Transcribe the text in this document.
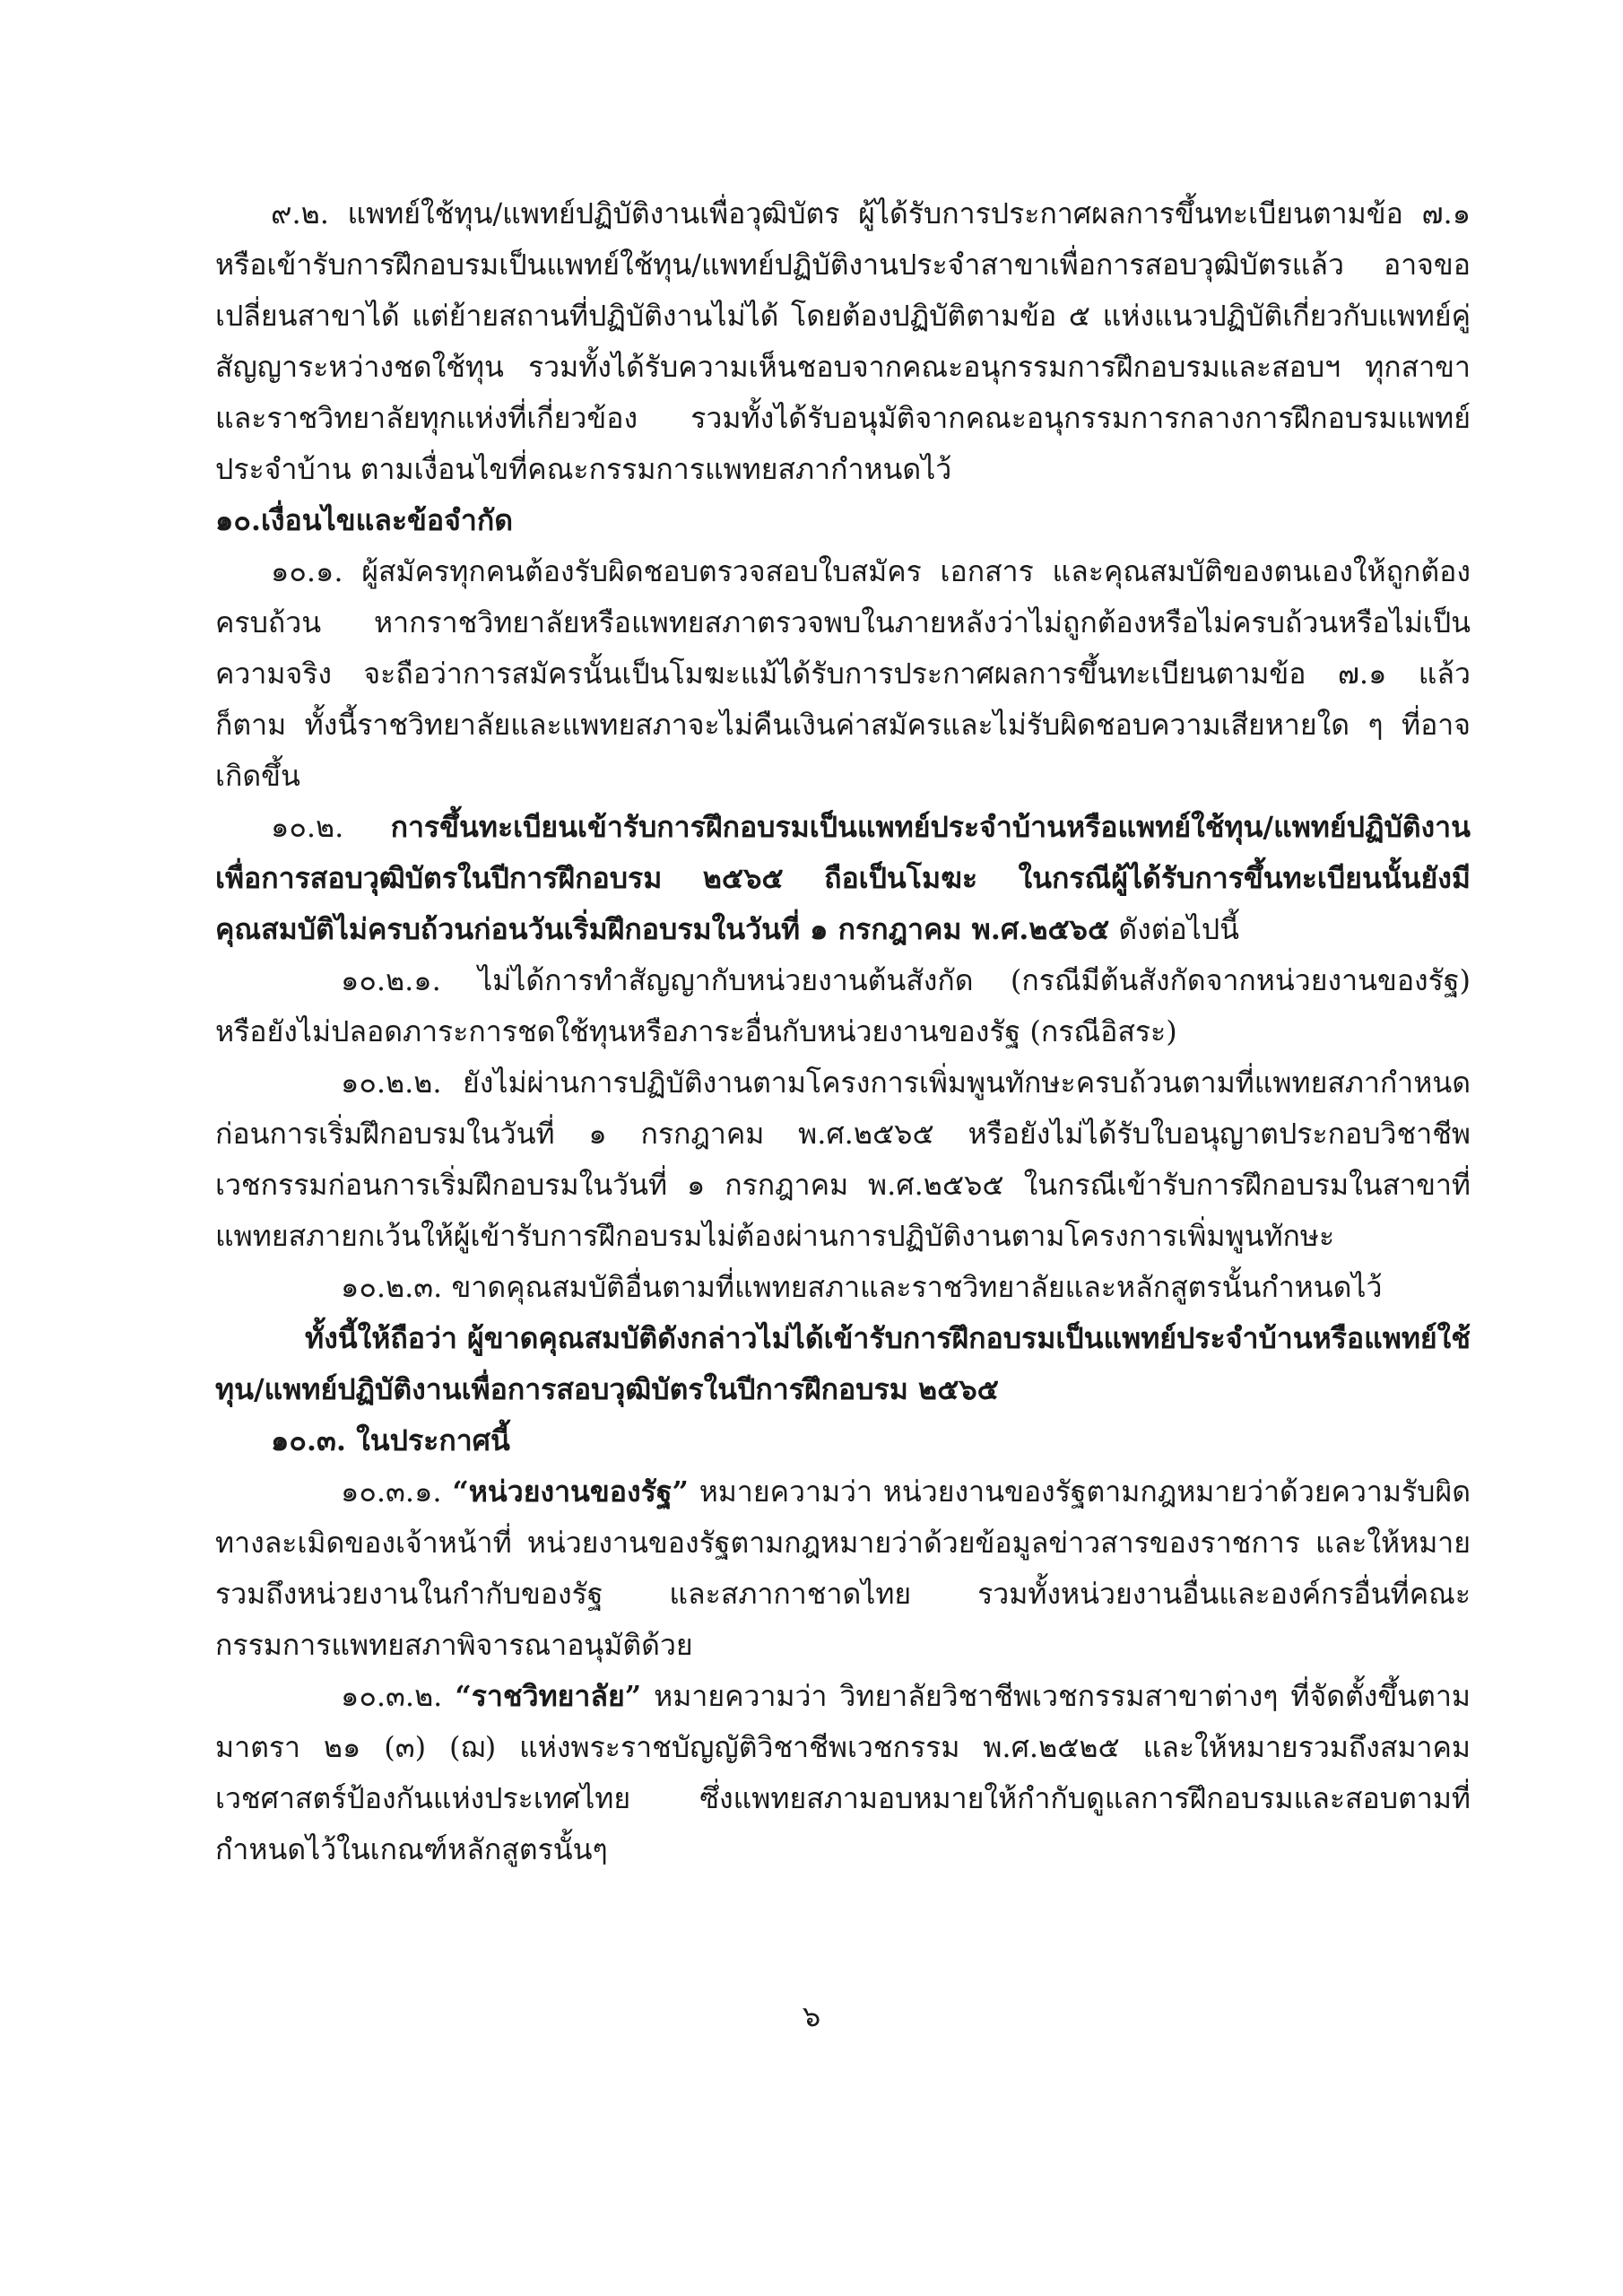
๙.๒. แพทย์ใช้ทุน/แพทย์ปฏิบัติงานเพื่อวุฒิบัตร ผู้ได้รับการประกาศผลการขึ้นทะเบียนตามข้อ ๗.๑ หรือเข้ารับการฝึกอบรมเป็นแพทย์ใช้ทุน/แพทย์ปฏิบัติงานประจำสาขาเพื่อการสอบวุฒิบัตรแล้ว อาจขอเปลี่ยนสาขาได้ แต่ย้ายสถานที่ปฏิบัติงานไม่ได้ โดยต้องปฏิบัติตามข้อ ๕ แห่งแนวปฏิบัติเกี่ยวกับแพทย์คู่สัญญาระหว่างชดใช้ทุน รวมทั้งได้รับความเห็นชอบจากคณะอนุกรรมการฝึกอบรมและสอบฯ ทุกสาขา และราชวิทยาลัยทุกแห่งที่เกี่ยวข้อง รวมทั้งได้รับอนุมัติจากคณะอนุกรรมการกลางการฝึกอบรมแพทย์ประจำบ้าน ตามเงื่อนไขที่คณะกรรมการแพทยสภากำหนดไว้

๑๐.เงื่อนไขและข้อจำกัด

๑๐.๑. ผู้สมัครทุกคนต้องรับผิดชอบตรวจสอบใบสมัคร เอกสาร และคุณสมบัติของตนเองให้ถูกต้อง ครบถ้วน หากราชวิทยาลัยหรือแพทยสภาตรวจพบในภายหลังว่าไม่ถูกต้องหรือไม่ครบถ้วนหรือไม่เป็นความจริง จะถือว่าการสมัครนั้นเป็นโมฆะแม้ได้รับการประกาศผลการขึ้นทะเบียนตามข้อ ๗.๑ แล้วก็ตาม ทั้งนี้ราชวิทยาลัยและแพทยสภาจะไม่คืนเงินค่าสมัครและไม่รับผิดชอบความเสียหายใด ๆ ที่อาจเกิดขึ้น

๑๐.๒. การขึ้นทะเบียนเข้ารับการฝึกอบรมเป็นแพทย์ประจำบ้านหรือแพทย์ใช้ทุน/แพทย์ปฏิบัติงานเพื่อการสอบวุฒิบัตรในปีการฝึกอบรม ๒๕๖๕ ถือเป็นโมฆะ ในกรณีผู้ได้รับการขึ้นทะเบียนนั้นยังมีคุณสมบัติไม่ครบถ้วนก่อนวันเริ่มฝึกอบรมในวันที่ ๑ กรกฎาคม พ.ศ.๒๕๖๕ ดังต่อไปนี้

๑๐.๒.๑. ไม่ได้การทำสัญญากับหน่วยงานต้นสังกัด (กรณีมีต้นสังกัดจากหน่วยงานของรัฐ) หรือยังไม่ปลอดภาระการชดใช้ทุนหรือภาระอื่นกับหน่วยงานของรัฐ (กรณีอิสระ)

๑๐.๒.๒. ยังไม่ผ่านการปฏิบัติงานตามโครงการเพิ่มพูนทักษะครบถ้วนตามที่แพทยสภากำหนดก่อนการเริ่มฝึกอบรมในวันที่ ๑ กรกฎาคม พ.ศ.๒๕๖๕ หรือยังไม่ได้รับใบอนุญาตประกอบวิชาชีพเวชกรรมก่อนการเริ่มฝึกอบรมในวันที่ ๑ กรกฎาคม พ.ศ.๒๕๖๕ ในกรณีเข้ารับการฝึกอบรมในสาขาที่แพทยสภายกเว้นให้ผู้เข้ารับการฝึกอบรมไม่ต้องผ่านการปฏิบัติงานตามโครงการเพิ่มพูนทักษะ

๑๐.๒.๓. ขาดคุณสมบัติอื่นตามที่แพทยสภาและราชวิทยาลัยและหลักสูตรนั้นกำหนดไว้

ทั้งนี้ให้ถือว่า ผู้ขาดคุณสมบัติดังกล่าวไม่ได้เข้ารับการฝึกอบรมเป็นแพทย์ประจำบ้านหรือแพทย์ใช้ทุน/แพทย์ปฏิบัติงานเพื่อการสอบวุฒิบัตรในปีการฝึกอบรม ๒๕๖๕

๑๐.๓. ในประกาศนี้

๑๐.๓.๑. “หน่วยงานของรัฐ” หมายความว่า หน่วยงานของรัฐตามกฎหมายว่าด้วยความรับผิดทางละเมิดของเจ้าหน้าที่ หน่วยงานของรัฐตามกฎหมายว่าด้วยข้อมูลข่าวสารของราชการ และให้หมายรวมถึงหน่วยงานในกำกับของรัฐ และสภากาชาดไทย รวมทั้งหน่วยงานอื่นและองค์กรอื่นที่คณะกรรมการแพทยสภาพิจารณาอนุมัติด้วย

๑๐.๓.๒. “ราชวิทยาลัย” หมายความว่า วิทยาลัยวิชาชีพเวชกรรมสาขาต่างๆ ที่จัดตั้งขึ้นตามมาตรา ๒๑ (๓) (ฌ) แห่งพระราชบัญญัติวิชาชีพเวชกรรม พ.ศ.๒๕๒๕ และให้หมายรวมถึงสมาคมเวชศาสตร์ป้องกันแห่งประเทศไทย ซึ่งแพทยสภามอบหมายให้กำกับดูแลการฝึกอบรมและสอบตามที่กำหนดไว้ในเกณฑ์หลักสูตรนั้นๆ

๖
